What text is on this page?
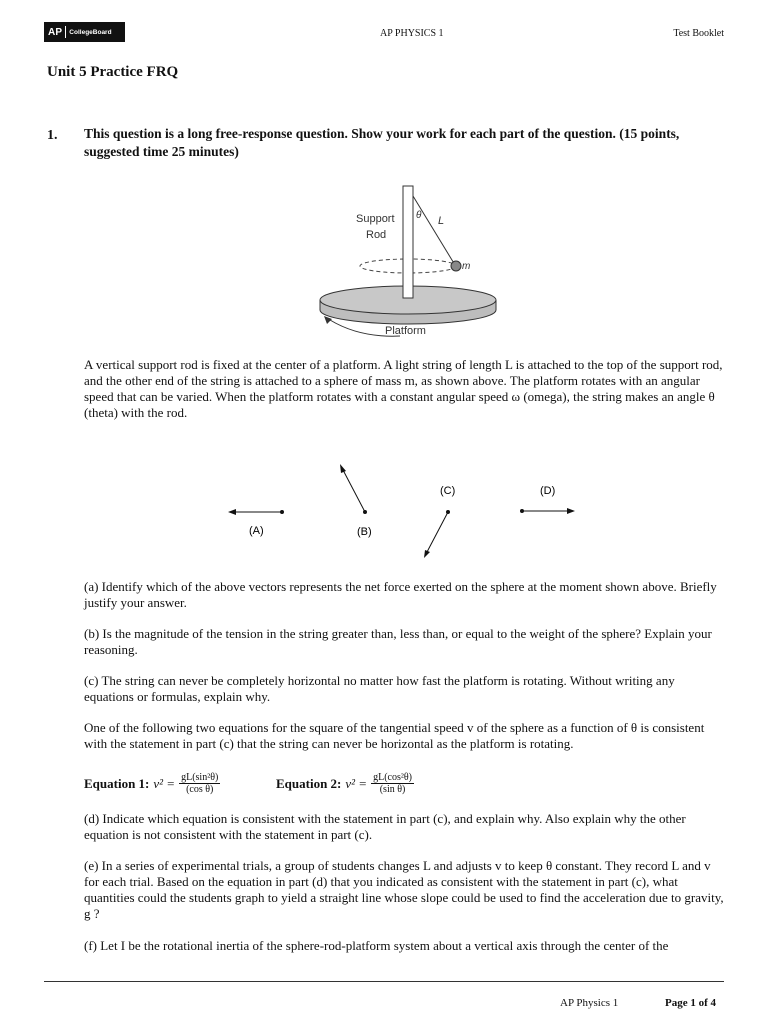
AP CollegeBoard	AP PHYSICS 1	Test Booklet
Unit 5 Practice FRQ
1. This question is a long free-response question. Show your work for each part of the question. (15 points, suggested time 25 minutes)
Support
Rod
θ L
m
Platform
A vertical support rod is fixed at the center of a platform. A light string of length L is attached to the top of the support rod, and the other end of the string is attached to a sphere of mass m, as shown above. The platform rotates with an angular speed that can be varied. When the platform rotates with a constant angular speed ω (omega), the string makes an angle θ (theta) with the rod.
(A)	(B)
(C)	(D)
(a) Identify which of the above vectors represents the net force exerted on the sphere at the moment shown above. Briefly justify your answer.
(b) Is the magnitude of the tension in the string greater than, less than, or equal to the weight of the sphere? Explain your reasoning.
(c) The string can never be completely horizontal no matter how fast the platform is rotating. Without writing any equations or formulas, explain why.
One of the following two equations for the square of the tangential speed v of the sphere as a function of θ is consistent with the statement in part (c) that the string can never be horizontal as the platform is rotating.
Equation 1: $v^2 = \frac{\text{gL(sin²θ)}}{\text{(cos θ)}}$	Equation 2: $v^2 = \frac{\text{gL(cos²θ)}}{\text{(sin θ)}}$
(d) Indicate which equation is consistent with the statement in part (c), and explain why. Also explain why the other equation is not consistent with the statement in part (c).
(e) In a series of experimental trials, a group of students changes L and adjusts v to keep θ constant. They record L and v for each trial. Based on the equation in part (d) that you indicated as consistent with the statement in part (c), what quantities could the students graph to yield a straight line whose slope could be used to find the acceleration due to gravity, g ?
(f) Let I be the rotational inertia of the sphere-rod-platform system about a vertical axis through the center of the
AP Physics 1	Page 1 of 4
